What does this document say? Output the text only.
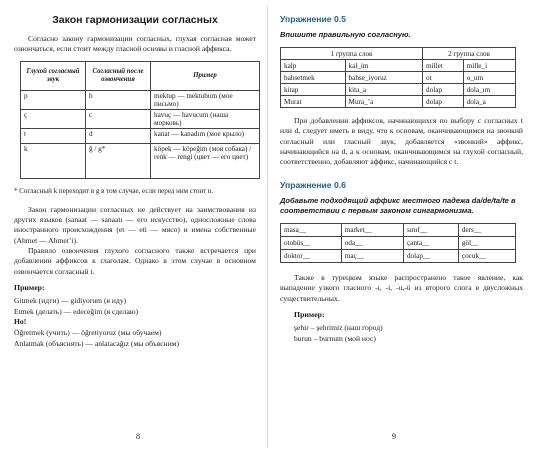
Закон гармонизации согласных

Согласно закону гармонизации согласных, глухая согласная может озвончаться, если стоит между гласной основы и гласной аффикса.

Глухой согласный звук	Согласный после озвончения	Пример
p	b	mektup — mektubum (мое письмо)
ç	c	havuç — havucum (наша морковь)
t	d	kanat — kanadım (мое крыло)
k	ğ / g*	köpek — köpeğim (моя собака) / renk — rengi (цвет — его цвет)
* Согласный k переходит в g в том случае, если перед ним стоит n.

Закон гармонизации согласных не действует на заимствования из других языков (sanaat — sanaatı — его искусство), односложные слова иностранного происхождения (et — eti — мясо) и имена собственные (Ahmet — Ahmet’i).

Правило озвончения глухого согласного также встречается при добавлении аффиксов к глаголам. Однако в этом случае в основном озвончается согласный t.

Пример:
Gitmek (идти) — gidiyorum (я иду)
Etmek (делать) — edeceğim (я сделаю)
Но!
Öğretmek (учить) — öğretiyoruz (мы обучаем)
Anlatmak (объяснять) — anlatacağız (мы объясним)
8
Упражнение 0.5
Впишите правильную согласную.
1 группа слов		2 группа слов	
kalp	kal_im	millet	mille_i
bahsetmek	bahse_iyoruz	ot	o_um
kitap	kita_a	dolap	dola_ım
Murat	Mura_’a	dolap	dola_a

При добавлении аффиксов, начинающихся по выбору с согласных t или d, следует иметь в виду, что к основам, оканчивающимся на звонкий согласный или гласный звук, добавляется «звонкий» аффикс, начинающийся на d, а к основам, оканчивающимся на глухой согласный, соответственно, добавляют аффикс, начинающийся с t.

Упражнение 0.6
Добавьте подходящий аффикс местного падежа da/de/ta/te в соответствии с первым законом сингармонизма.
masa__	market__	sınıf__	ders__
otobüs__	oda__	çanta__	göl__
doktor__	maç__	dolap__	çocuk__

Также в турецком языке распространено такое явление, как выпадение узкого гласного -ı, -i, -u,-ü из второго слога в двусложных существительных.

Пример:
şehir – şehrimiz (наш город)
burun – burnum (мой нос)
9
